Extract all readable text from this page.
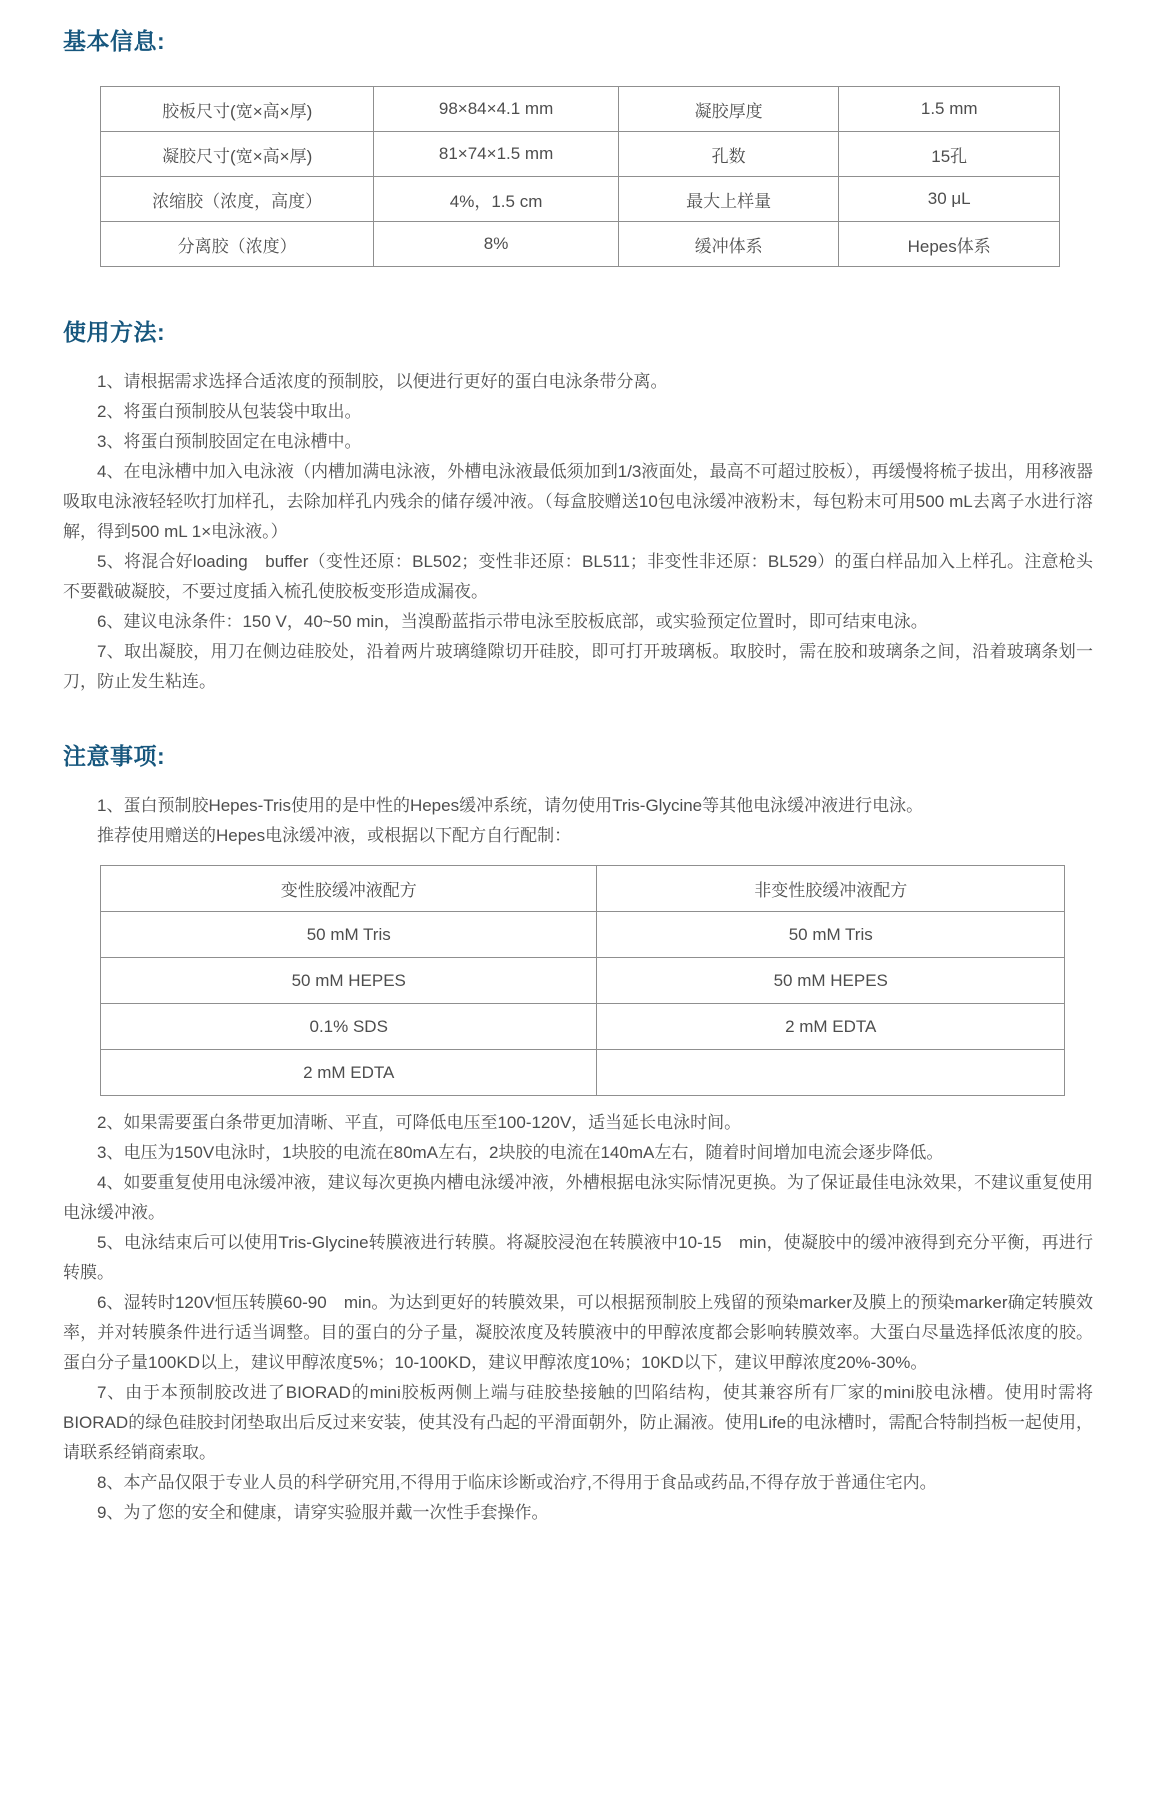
基本信息:
胶板尺寸(宽×高×厚)	98×84×4.1 mm	凝胶厚度	1.5 mm
凝胶尺寸(宽×高×厚)	81×74×1.5 mm	孔数	15孔
浓缩胶（浓度，高度）	4%，1.5 cm	最大上样量	30 μL
分离胶（浓度）	8%	缓冲体系	Hepes体系
使用方法:

1、请根据需求选择合适浓度的预制胶，以便进行更好的蛋白电泳条带分离。

2、将蛋白预制胶从包装袋中取出。

3、将蛋白预制胶固定在电泳槽中。

4、在电泳槽中加入电泳液（内槽加满电泳液，外槽电泳液最低须加到1/3液面处，最高不可超过胶板），再缓慢将梳子拔出，用移液器吸取电泳液轻轻吹打加样孔，去除加样孔内残余的储存缓冲液。（每盒胶赠送10包电泳缓冲液粉末，每包粉末可用500 mL去离子水进行溶解，得到500 mL 1×电泳液。）

5、将混合好loading　buffer（变性还原：BL502；变性非还原：BL511；非变性非还原：BL529）的蛋白样品加入上样孔。注意枪头不要戳破凝胶，不要过度插入梳孔使胶板变形造成漏夜。

6、建议电泳条件：150 V，40~50 min，当溴酚蓝指示带电泳至胶板底部，或实验预定位置时，即可结束电泳。

7、取出凝胶，用刀在侧边硅胶处，沿着两片玻璃缝隙切开硅胶，即可打开玻璃板。取胶时，需在胶和玻璃条之间，沿着玻璃条划一刀，防止发生粘连。

注意事项:

1、蛋白预制胶Hepes-Tris使用的是中性的Hepes缓冲系统，请勿使用Tris-Glycine等其他电泳缓冲液进行电泳。

推荐使用赠送的Hepes电泳缓冲液，或根据以下配方自行配制：

变性胶缓冲液配方	非变性胶缓冲液配方
50 mM Tris	50 mM Tris
50 mM HEPES	50 mM HEPES
0.1% SDS	2 mM EDTA
2 mM EDTA	

2、如果需要蛋白条带更加清晰、平直，可降低电压至100-120V，适当延长电泳时间。

3、电压为150V电泳时，1块胶的电流在80mA左右，2块胶的电流在140mA左右，随着时间增加电流会逐步降低。

4、如要重复使用电泳缓冲液，建议每次更换内槽电泳缓冲液，外槽根据电泳实际情况更换。为了保证最佳电泳效果，不建议重复使用电泳缓冲液。

5、电泳结束后可以使用Tris-Glycine转膜液进行转膜。将凝胶浸泡在转膜液中10-15　min，使凝胶中的缓冲液得到充分平衡，再进行转膜。

6、湿转时120V恒压转膜60-90　min。为达到更好的转膜效果，可以根据预制胶上残留的预染marker及膜上的预染marker确定转膜效率，并对转膜条件进行适当调整。目的蛋白的分子量，凝胶浓度及转膜液中的甲醇浓度都会影响转膜效率。大蛋白尽量选择低浓度的胶。蛋白分子量100KD以上，建议甲醇浓度5%；10-100KD，建议甲醇浓度10%；10KD以下，建议甲醇浓度20%-30%。

7、由于本预制胶改进了BIORAD的mini胶板两侧上端与硅胶垫接触的凹陷结构，使其兼容所有厂家的mini胶电泳槽。使用时需将BIORAD的绿色硅胶封闭垫取出后反过来安装，使其没有凸起的平滑面朝外，防止漏液。使用Life的电泳槽时，需配合特制挡板一起使用，请联系经销商索取。

8、本产品仅限于专业人员的科学研究用,不得用于临床诊断或治疗,不得用于食品或药品,不得存放于普通住宅内。

9、为了您的安全和健康，请穿实验服并戴一次性手套操作。
